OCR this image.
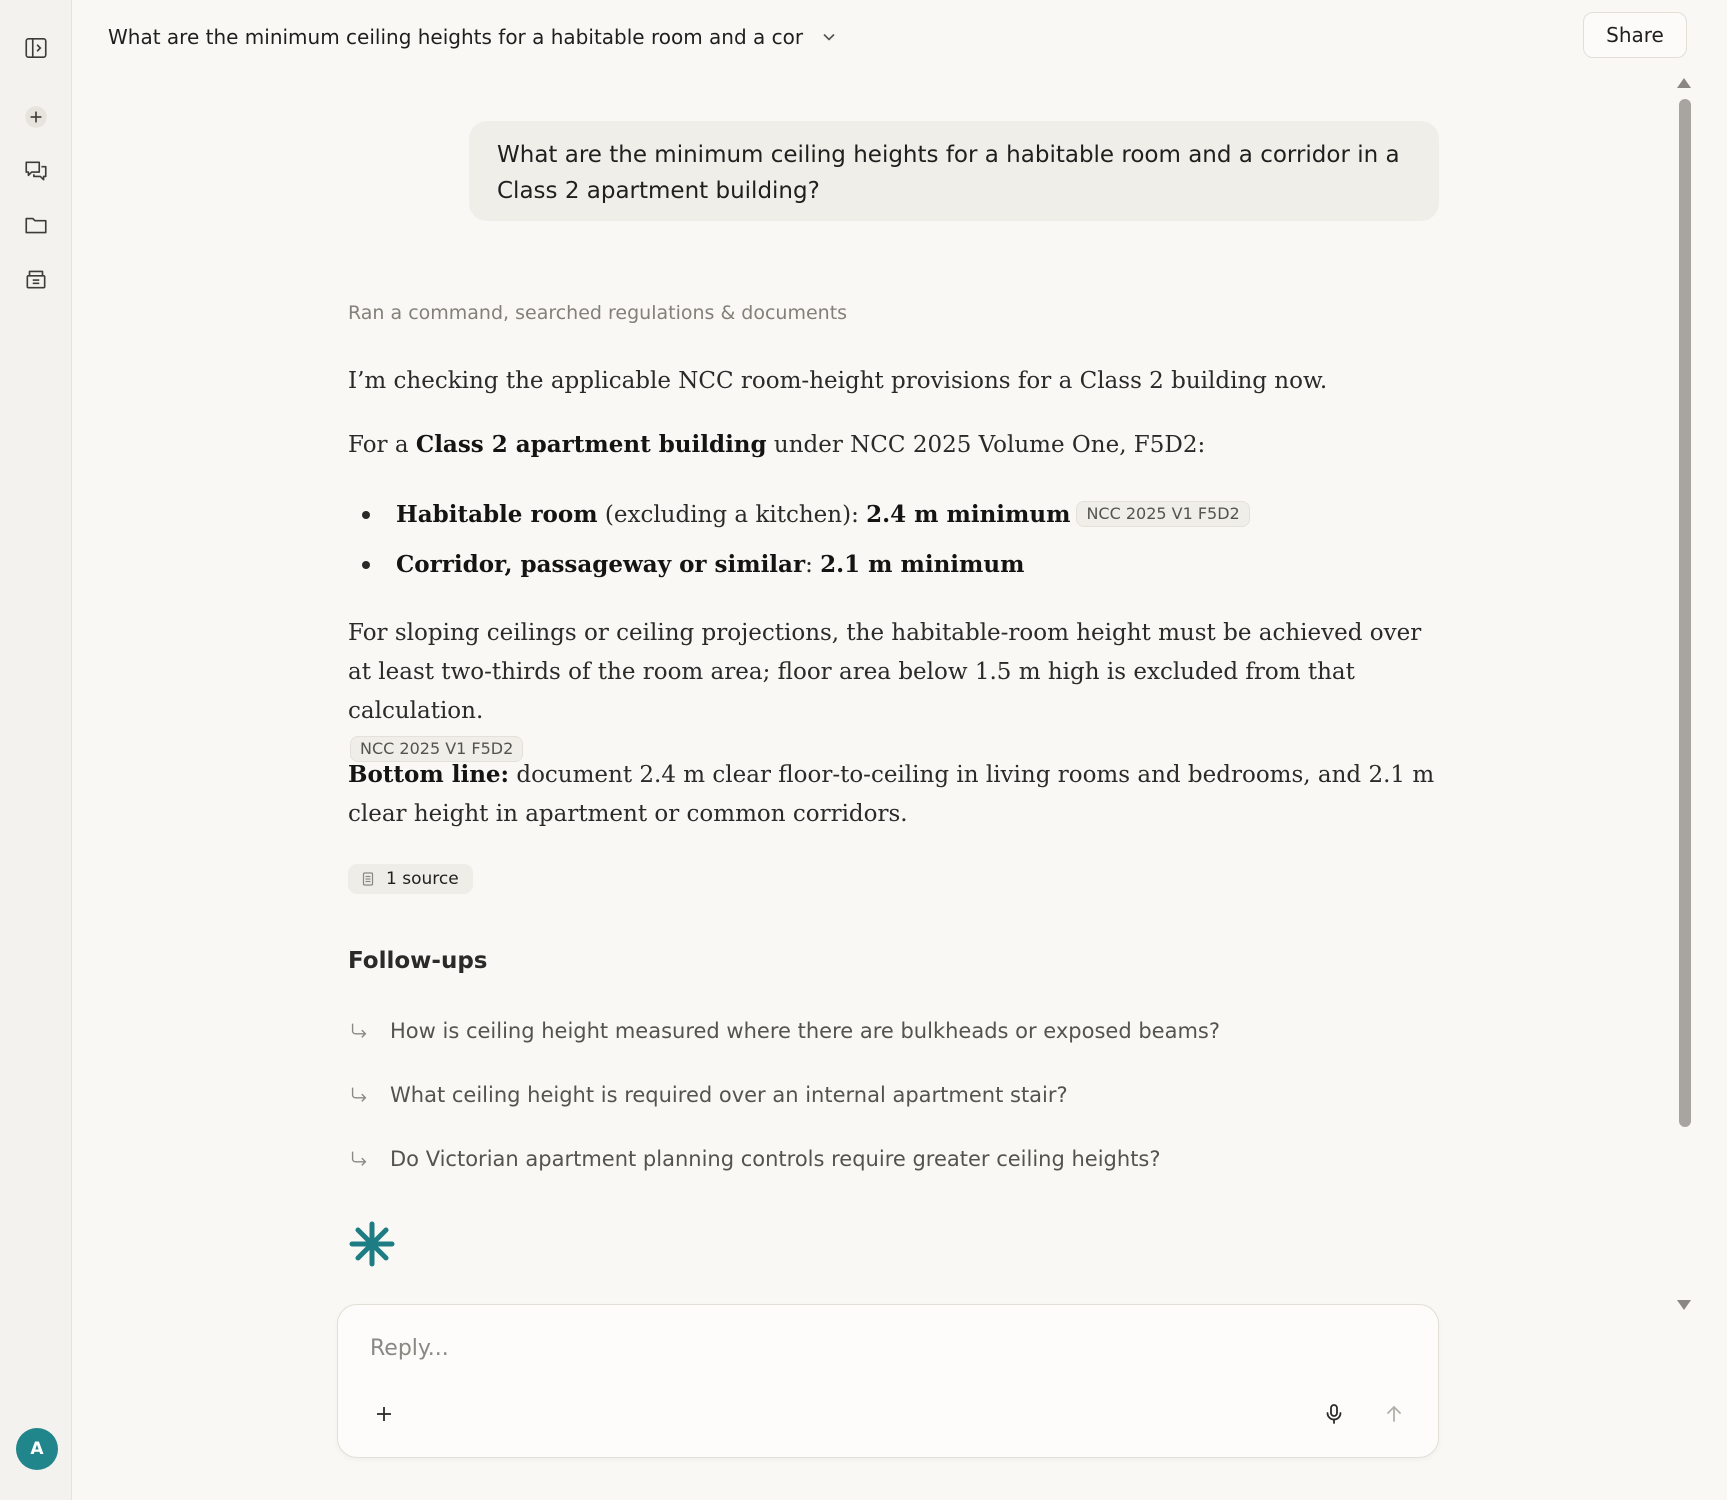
A
What are the minimum ceiling heights for a habitable room and a cor	Share
What are the minimum ceiling heights for a habitable room and a corridor in a Class 2 apartment building?
Ran a command, searched regulations & documents
I’m checking the applicable NCC room-height provisions for a Class 2 building now.
For a Class 2 apartment building under NCC 2025 Volume One, F5D2:
Habitable room (excluding a kitchen): 2.4 m minimum NCC 2025 V1 F5D2
Corridor, passageway or similar: 2.1 m minimum
For sloping ceilings or ceiling projections, the habitable-room height must be achieved over at least two-thirds of the room area; floor area below 1.5 m high is excluded from that calculation.
NCC 2025 V1 F5D2
Bottom line: document 2.4 m clear floor-to-ceiling in living rooms and bedrooms, and 2.1 m clear height in apartment or common corridors.
1 source
Follow-ups
How is ceiling height measured where there are bulkheads or exposed beams?
What ceiling height is required over an internal apartment stair?
Do Victorian apartment planning controls require greater ceiling heights?
Reply...
